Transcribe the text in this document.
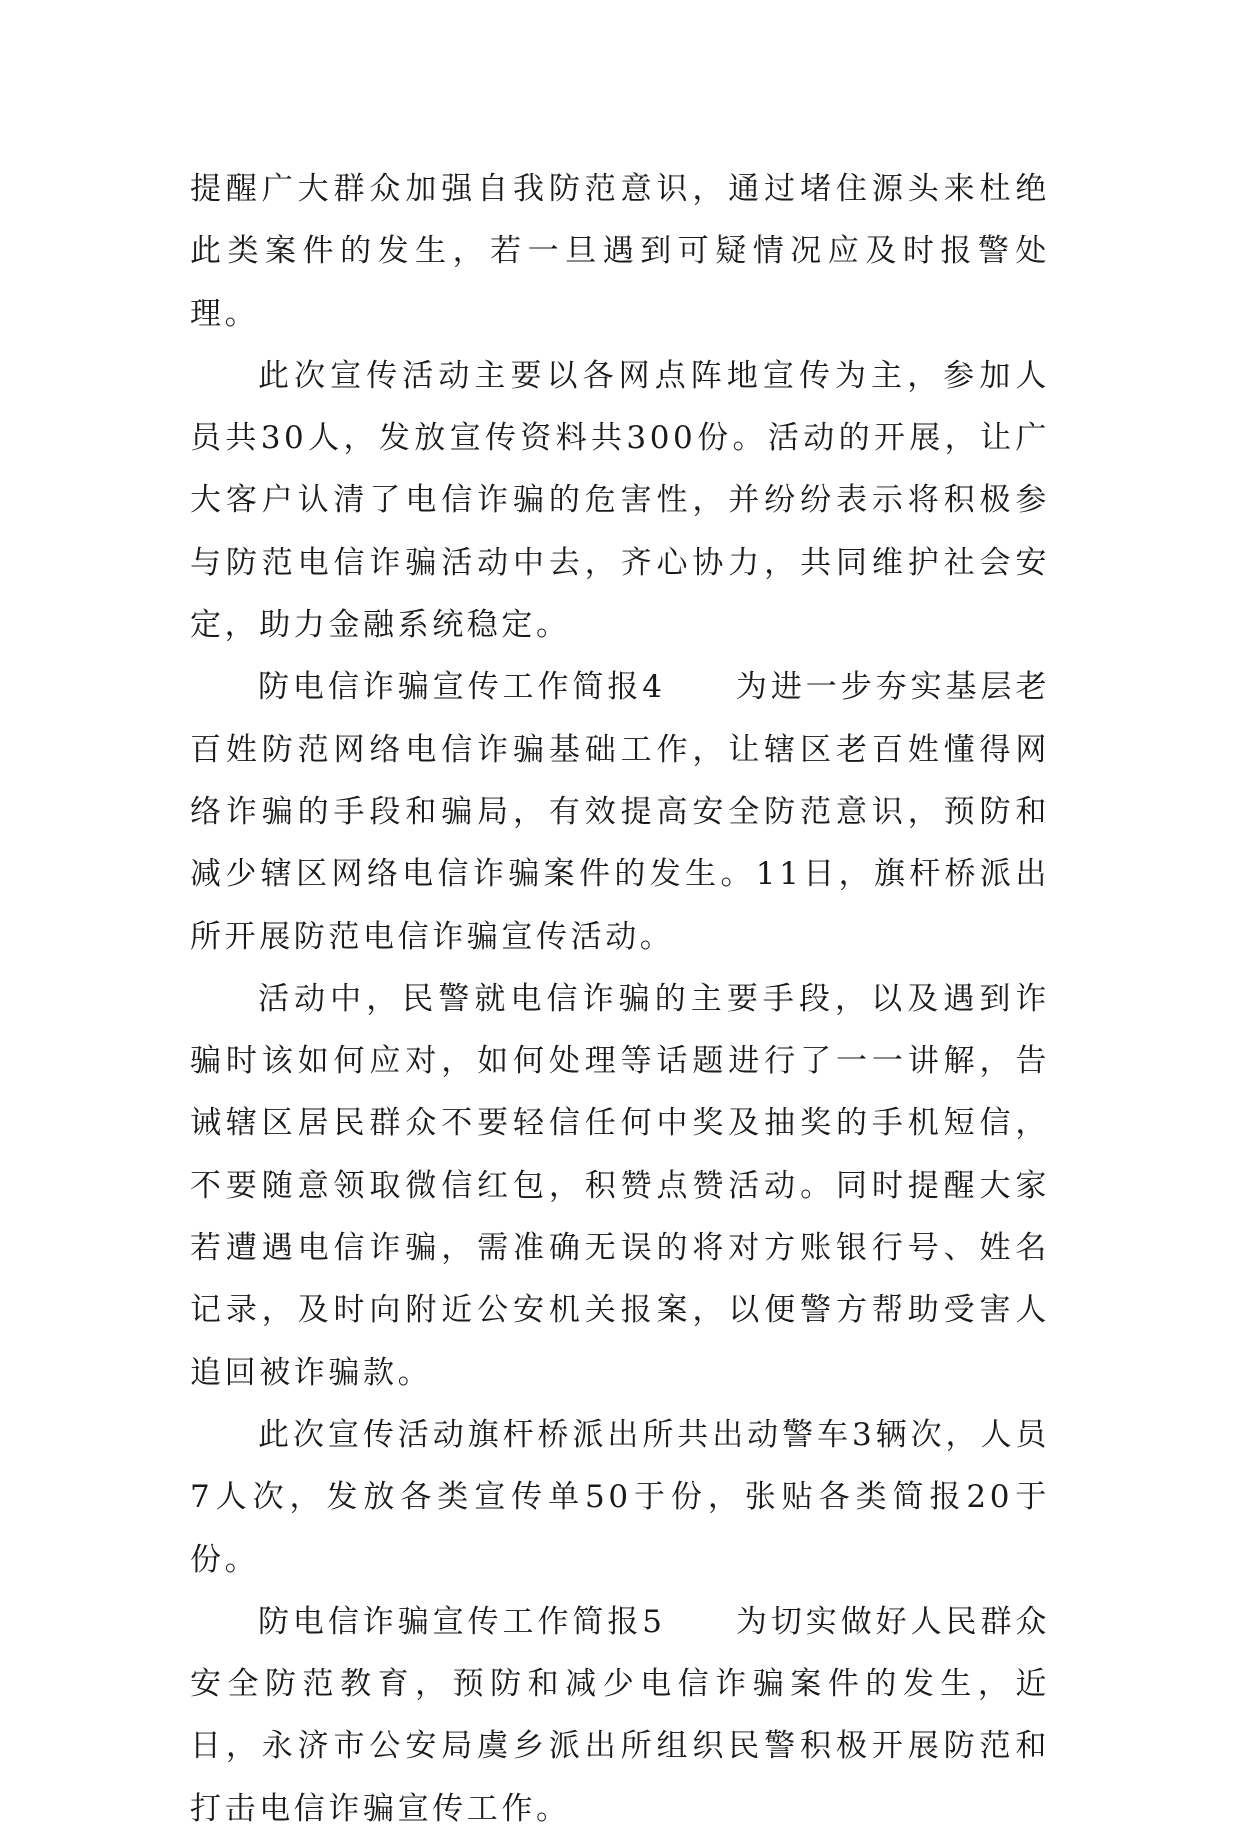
提醒广大群众加强自我防范意识，通过堵住源头来杜绝此类案件的发生，若一旦遇到可疑情况应及时报警处理。

此次宣传活动主要以各网点阵地宣传为主，参加人员共30人，发放宣传资料共300份。活动的开展，让广大客户认清了电信诈骗的危害性，并纷纷表示将积极参与防范电信诈骗活动中去，齐心协力，共同维护社会安定，助力金融系统稳定。

防电信诈骗宣传工作简报4 为进一步夯实基层老百姓防范网络电信诈骗基础工作，让辖区老百姓懂得网络诈骗的手段和骗局，有效提高安全防范意识，预防和减少辖区网络电信诈骗案件的发生。11日，旗杆桥派出所开展防范电信诈骗宣传活动。

活动中，民警就电信诈骗的主要手段，以及遇到诈骗时该如何应对，如何处理等话题进行了一一讲解，告诫辖区居民群众不要轻信任何中奖及抽奖的手机短信，不要随意领取微信红包，积赞点赞活动。同时提醒大家若遭遇电信诈骗，需准确无误的将对方账银行号、姓名记录，及时向附近公安机关报案，以便警方帮助受害人追回被诈骗款。

此次宣传活动旗杆桥派出所共出动警车3辆次，人员7人次，发放各类宣传单50于份，张贴各类简报20于份。

防电信诈骗宣传工作简报5 为切实做好人民群众安全防范教育，预防和减少电信诈骗案件的发生，近日，永济市公安局虞乡派出所组织民警积极开展防范和打击电信诈骗宣传工作。
